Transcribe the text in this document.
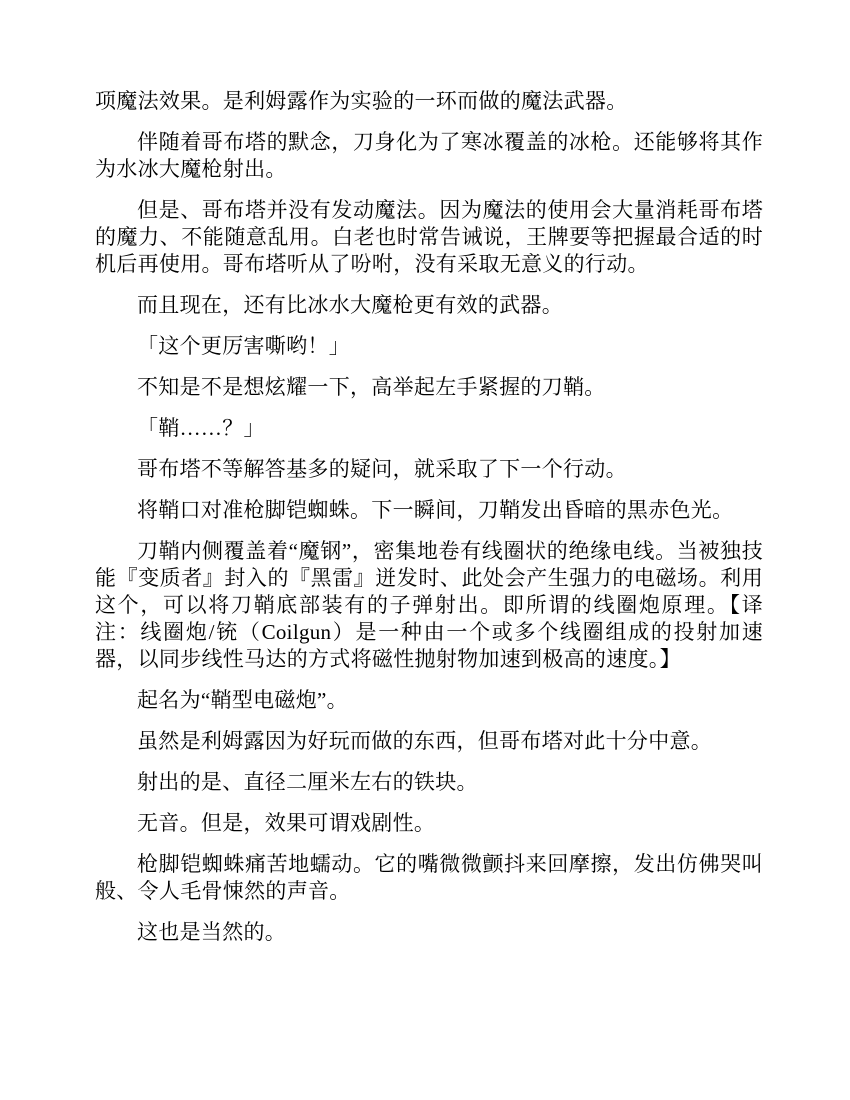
项魔法效果。是利姆露作为实验的一环而做的魔法武器。

伴随着哥布塔的默念，刀身化为了寒冰覆盖的冰枪。还能够将其作为水冰大魔枪射出。

但是、哥布塔并没有发动魔法。因为魔法的使用会大量消耗哥布塔的魔力、不能随意乱用。白老也时常告诫说，王牌要等把握最合适的时机后再使用。哥布塔听从了吩咐，没有采取无意义的行动。

而且现在，还有比冰水大魔枪更有效的武器。

「这个更厉害嘶哟！」

不知是不是想炫耀一下，高举起左手紧握的刀鞘。

「鞘……？」

哥布塔不等解答基多的疑问，就采取了下一个行动。

将鞘口对准枪脚铠蜘蛛。下一瞬间，刀鞘发出昏暗的黒赤色光。

刀鞘内侧覆盖着“魔钢”，密集地卷有线圈状的绝缘电线。当被独技能『变质者』封入的『黑雷』迸发时、此处会产生强力的电磁场。利用这个，可以将刀鞘底部装有的子弹射出。即所谓的线圈炮原理。【译注：线圈炮/铳（Coilgun）是一种由一个或多个线圈组成的投射加速器，以同步线性马达的方式将磁性抛射物加速到极高的速度。】

起名为“鞘型电磁炮”。

虽然是利姆露因为好玩而做的东西，但哥布塔对此十分中意。

射出的是、直径二厘米左右的铁块。

无音。但是，效果可谓戏剧性。

枪脚铠蜘蛛痛苦地蠕动。它的嘴微微颤抖来回摩擦，发出仿佛哭叫般、令人毛骨悚然的声音。

这也是当然的。
